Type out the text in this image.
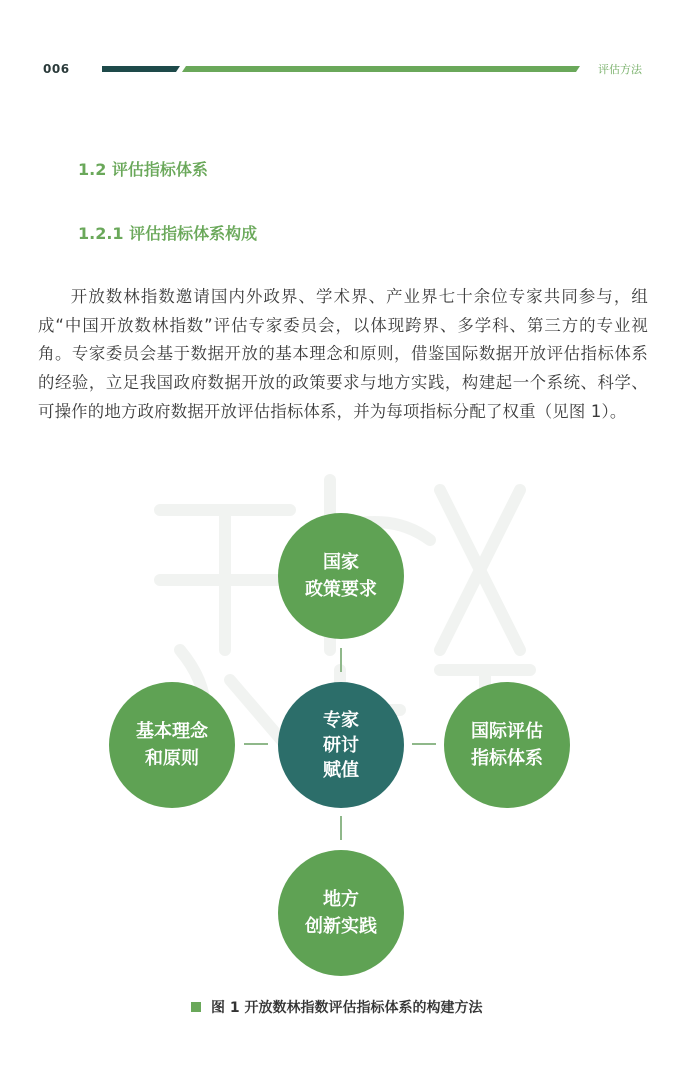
006	评估方法
1.2 评估指标体系
1.2.1 评估指标体系构成

开放数林指数邀请国内外政界、学术界、产业界七十余位专家共同参与，组成“中国开放数林指数”评估专家委员会，以体现跨界、多学科、第三方的专业视角。专家委员会基于数据开放的基本理念和原则，借鉴国际数据开放评估指标体系的经验，立足我国政府数据开放的政策要求与地方实践，构建起一个系统、科学、可操作的地方政府数据开放评估指标体系，并为每项指标分配了权重（见图 1）。

国家
政策要求
基本理念
和原则
专家
研讨
赋值
国际评估
指标体系
地方
创新实践
图 1 开放数林指数评估指标体系的构建方法
